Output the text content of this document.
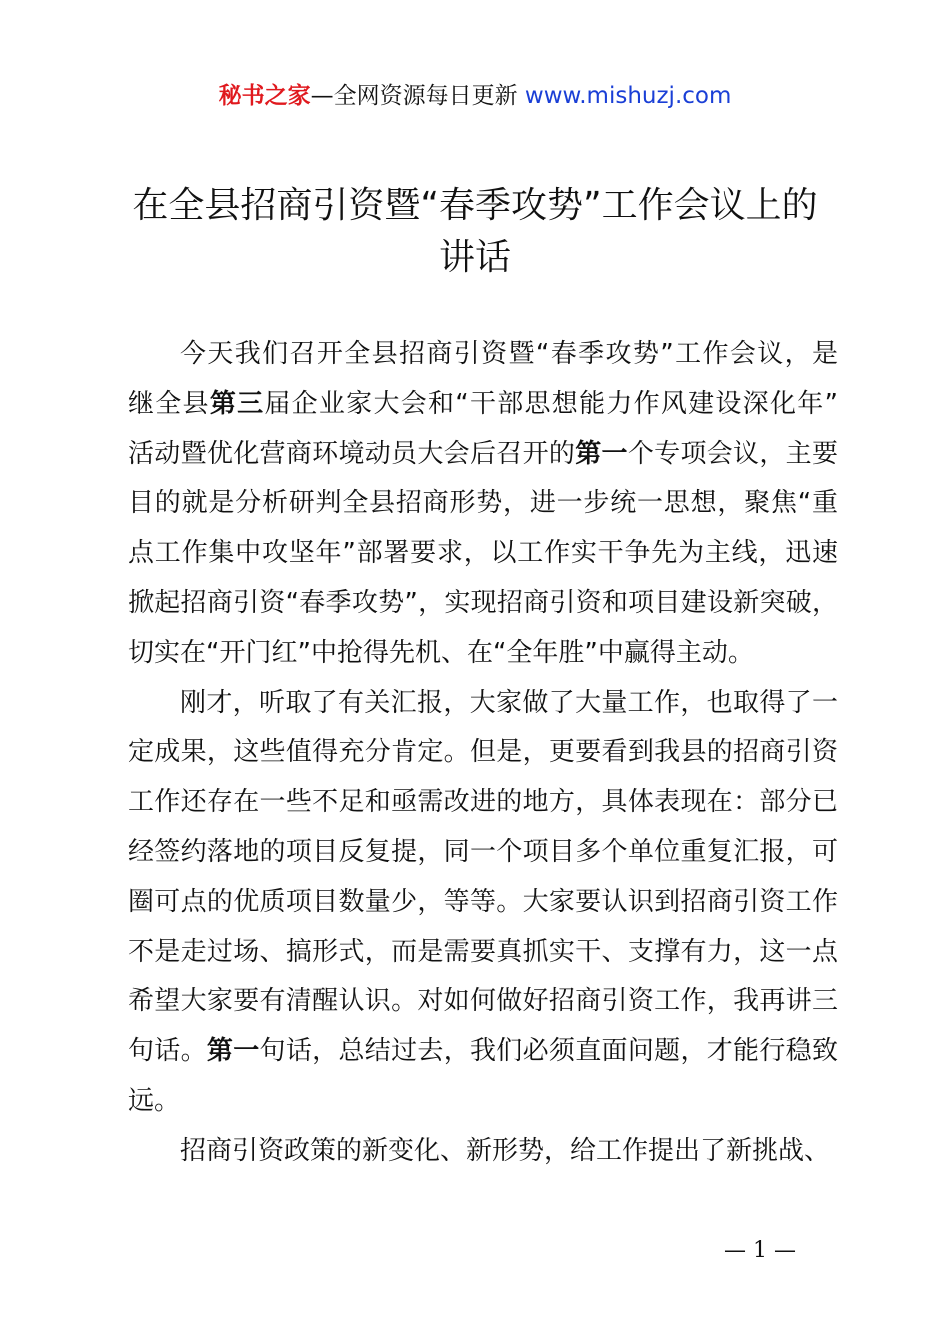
秘书之家—全网资源每日更新 www.mishuzj.com
在全县招商引资暨“春季攻势”工作会议上的
讲话

今天我们召开全县招商引资暨“春季攻势”工作会议，是
继全县第三届企业家大会和“干部思想能力作风建设深化年”
活动暨优化营商环境动员大会后召开的第一个专项会议，主要
目的就是分析研判全县招商形势，进一步统一思想，聚焦“重
点工作集中攻坚年”部署要求，以工作实干争先为主线，迅速
掀起招商引资“春季攻势”，实现招商引资和项目建设新突破，
切实在“开门红”中抢得先机、在“全年胜”中赢得主动。

刚才，听取了有关汇报，大家做了大量工作，也取得了一
定成果，这些值得充分肯定。但是，更要看到我县的招商引资
工作还存在一些不足和亟需改进的地方，具体表现在：部分已
经签约落地的项目反复提，同一个项目多个单位重复汇报，可
圈可点的优质项目数量少，等等。大家要认识到招商引资工作
不是走过场、搞形式，而是需要真抓实干、支撑有力，这一点
希望大家要有清醒认识。对如何做好招商引资工作，我再讲三
句话。第一句话，总结过去，我们必须直面问题，才能行稳致
远。

招商引资政策的新变化、新形势，给工作提出了新挑战、

— 1 —
